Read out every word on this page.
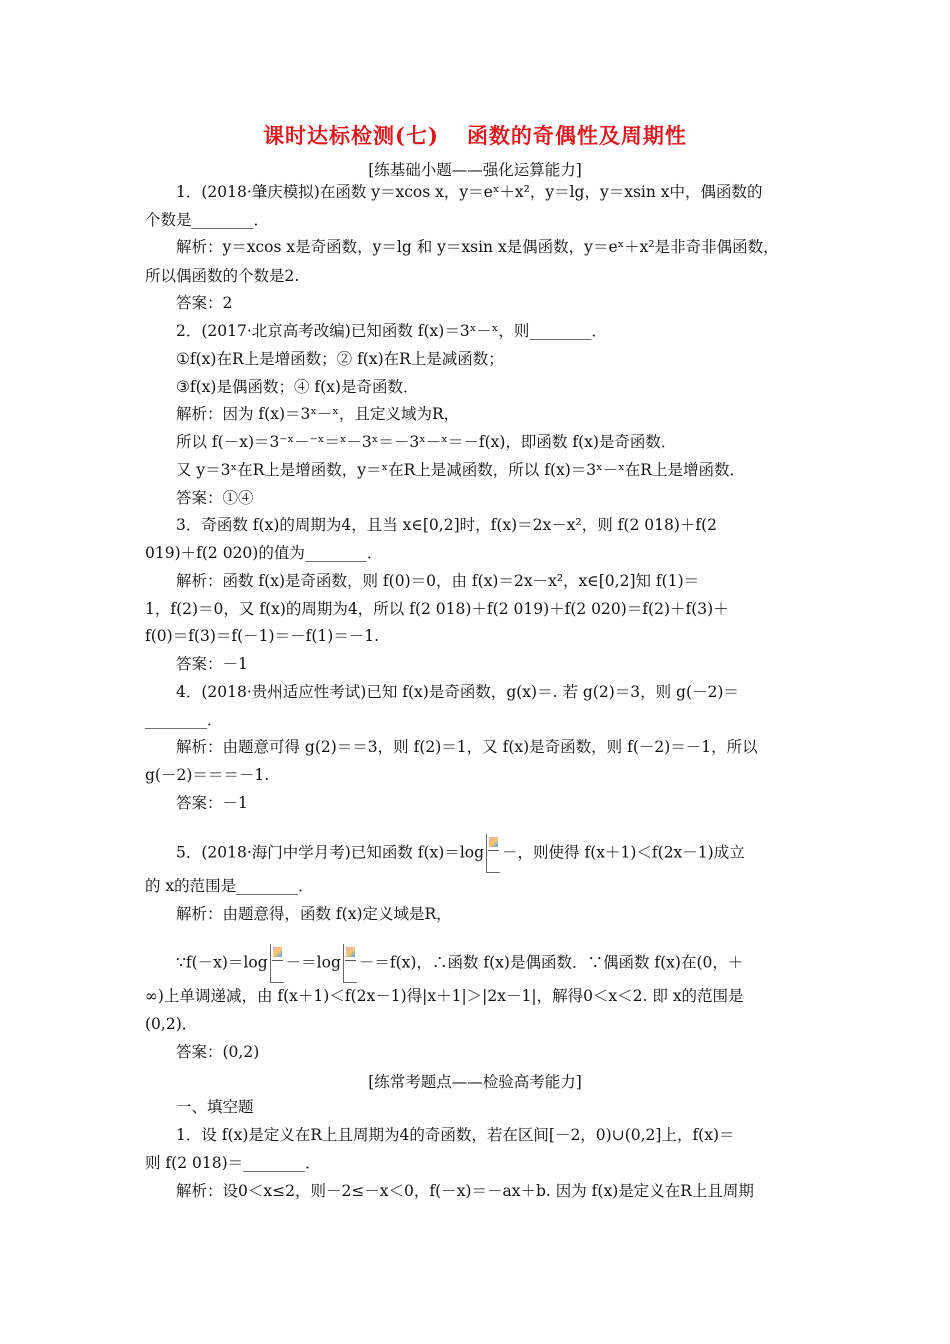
课时达标检测(七) 函数的奇偶性及周期性
[练基础小题——强化运算能力]
1．(2018·肇庆模拟)在函数 y＝xcos x，y＝eˣ＋x²，y＝lg，y＝xsin x中，偶函数的
个数是________．
解析：y＝xcos x是奇函数，y＝lg 和 y＝xsin x是偶函数，y＝eˣ＋x²是非奇非偶函数，
所以偶函数的个数是2.
答案：2
2．(2017·北京高考改编)已知函数 f(x)＝3ˣ－ˣ，则________．
①f(x)在R上是增函数；② f(x)在R上是减函数；
③f(x)是偶函数；④ f(x)是奇函数．
解析：因为 f(x)＝3ˣ－ˣ，且定义域为R，
所以 f(－x)＝3⁻ˣ－⁻ˣ＝ˣ－3ˣ＝－3ˣ－ˣ＝－f(x)，即函数 f(x)是奇函数．
又 y＝3ˣ在R上是增函数，y＝ˣ在R上是减函数，所以 f(x)＝3ˣ－ˣ在R上是增函数．
答案：①④
3．奇函数 f(x)的周期为4，且当 x∈[0,2]时，f(x)＝2x－x²，则 f(2 018)＋f(2
019)＋f(2 020)的值为________．
解析：函数 f(x)是奇函数，则 f(0)＝0，由 f(x)＝2x－x²，x∈[0,2]知 f(1)＝
1，f(2)＝0，又 f(x)的周期为4，所以 f(2 018)＋f(2 019)＋f(2 020)＝f(2)＋f(3)＋
f(0)＝f(3)＝f(－1)＝－f(1)＝－1.
答案：－1
4．(2018·贵州适应性考试)已知 f(x)是奇函数，g(x)＝. 若 g(2)＝3，则 g(－2)＝
________．
解析：由题意可得 g(2)＝＝3，则 f(2)＝1，又 f(x)是奇函数，则 f(－2)＝－1，所以
g(－2)＝＝＝－1.
答案：－1
5．(2018·海门中学月考)已知函数 f(x)＝log －，则使得 f(x＋1)＜f(2x－1)成立
的 x的范围是________．
解析：由题意得，函数 f(x)定义域是R，
∵f(－x)＝log －＝log －＝f(x)，∴函数 f(x)是偶函数．∵偶函数 f(x)在(0，＋
∞)上单调递减，由 f(x＋1)＜f(2x－1)得|x＋1|＞|2x－1|，解得0＜x＜2. 即 x的范围是
(0,2)．
答案：(0,2)
[练常考题点——检验高考能力]
一、填空题
1．设 f(x)是定义在R上且周期为4的奇函数，若在区间[－2，0)∪(0,2]上，f(x)＝
则 f(2 018)＝________．
解析：设0＜x≤2，则－2≤－x＜0，f(－x)＝－ax＋b. 因为 f(x)是定义在R上且周期
